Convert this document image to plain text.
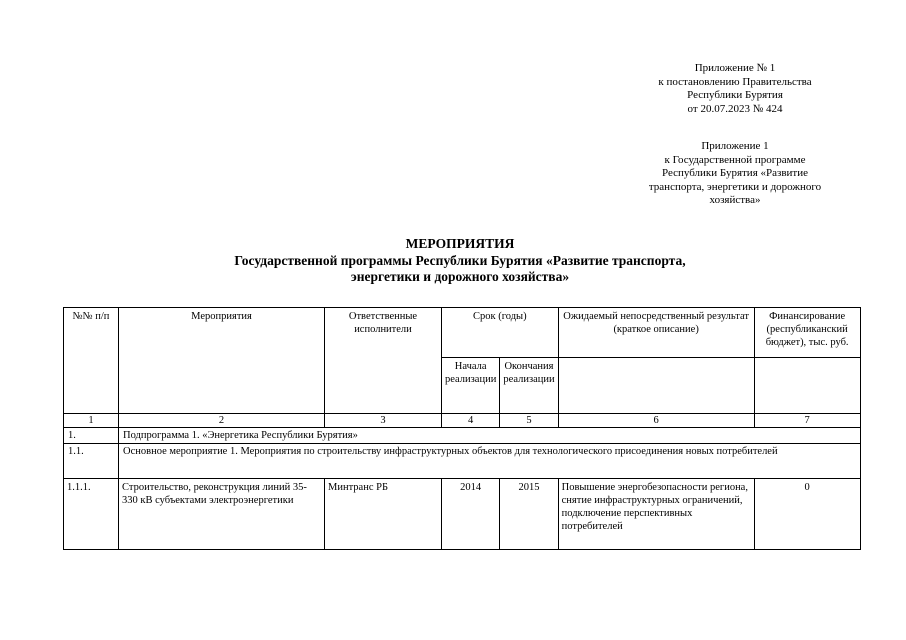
Приложение № 1
к постановлению Правительства
Республики Бурятия
от 20.07.2023 № 424
Приложение 1
к Государственной программе
Республики Бурятия «Развитие
транспорта, энергетики и дорожного
хозяйства»
МЕРОПРИЯТИЯ
Государственной программы Республики Бурятия «Развитие транспорта,
энергетики и дорожного хозяйства»
№№ п/п	Мероприятия	Ответственные исполнители	Срок (годы)		Ожидаемый непосредственный результат (краткое описание)	Финансирование (республиканский бюджет), тыс. руб.
			Начала реализации	Окончания реализации		
1	2	3	4	5	6	7
1.	Подпрограмма 1. «Энергетика Республики Бурятия»					
1.1.	Основное мероприятие 1. Мероприятия по строительству инфраструктурных объектов для технологического присоединения новых потребителей					
1.1.1.	Строительство, реконструкция линий 35-330 кВ субъектами электроэнергетики	Минтранс РБ	2014	2015	Повышение энергобезопасности региона, снятие инфраструктурных ограничений, подключение перспективных потребителей	0
